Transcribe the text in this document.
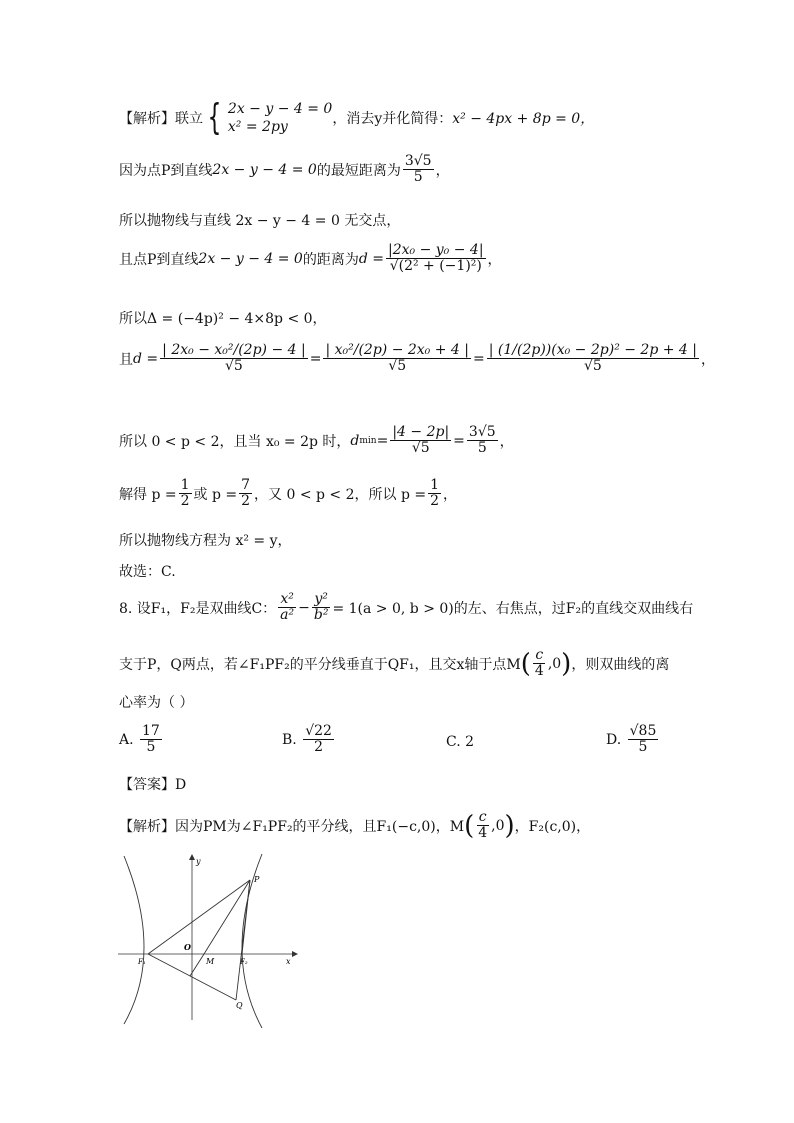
【解析】联立 { 2x − y − 4 = 0
x² = 2py	，消去y并化简得： x² − 4px + 8p = 0，
因为点P到直线 2x − y − 4 = 0 的最短距离为 $\frac{3√5}{5}$ ，
所以抛物线与直线 2x − y − 4 = 0 无交点，
且点P到直线 2x − y − 4 = 0 的距离为 $d = \frac{\text{|2x₀ − y₀ − 4|}}{\text{√(2² + (−1)²)}}$ ，
所以Δ = (−4p)² − 4×8p < 0，
且 $d = \frac{\text{| 2x₀ − x₀²/(2p) − 4 |}}{√5} = \frac{\text{| x₀²/(2p) − 2x₀ + 4 |}}{√5} = \frac{\text{| (1/(2p))(x₀ − 2p)² − 2p + 4 |}}{√5}$ ，
所以 0 < p < 2，且当 x₀ = 2p 时， d $\min = \frac{|4 - 2p|}{√5} = \frac{3√5}{5}$ ，
解得 $p = \frac{1}{2}$ 或 $p = \frac{7}{2}$ ，又 0 < p < 2，所以 $p = \frac{1}{2}$ ，
所以抛物线方程为 x² = y，
故选：C.
8. 设F₁，F₂是双曲线C： $\frac{\text{x²}}{\text{a²}} - \frac{\text{y²}}{\text{b²}} = 1(a > 0$, b > 0)的左、右焦点，过F₂的直线交双曲线右
支于P，Q两点，若∠F₁PF₂的平分线垂直于QF₁，且交x轴于点M ( $\frac{c}{4} ,0$ ) ，则双曲线的离
心率为（ ）
A.
$\frac{17}{5}$	B.
$\frac{√22}{2}$	C. 2	D.
$\frac{√85}{5}$
【答案】D
【解析】因为PM为∠F₁PF₂的平分线，且F₁(−c,0)，M ( $\frac{c}{4} ,0$ ) ，F₂(c,0)，
y
x
P
O
F₁	M	F₂
Q
